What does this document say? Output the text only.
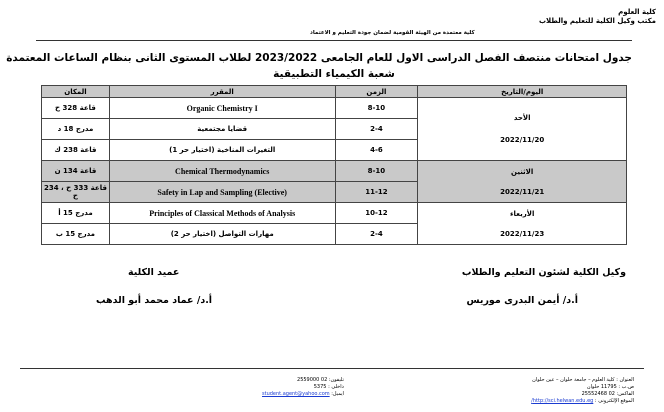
كلية العلوم
مكتب وكيل الكلية للتعليم والطلاب
كلية معتمدة من الهيئة القومية لضمان جودة التعليم و الاعتماد
جدول امتحانات منتصف الفصل الدراسى الاول للعام الجامعى 2023/2022 لطلاب المستوى الثانى بنظام الساعات المعتمدة
شعبة الكيمياء التطبيقية
المكان	المقرر	الزمن	اليوم/التاريخ
قاعة 328 ح	Organic Chemistry I	8-10	الأحد
2022/11/20

مدرج 18 د	قضايا مجتمعية	2-4	
قاعة 238 ك	التغيرات المناخية (اختيار حر 1)	4-6	
قاعة 134 ن	Chemical Thermodynamics	8-10	الاثنين
2022/11/21

قاعة 333 ح ، 234 ح	Safety in Lap and Sampling (Elective)	11-12	
مدرج 15 أ	Principles of Classical Methods of Analysis	10-12	الأربعاء
2022/11/23

مدرج 15 ب	مهارات التواصل (اختيار حر 2)	2-4	
وكيل الكلية لشئون التعليم والطلاب
عميد الكلية
أ.د/ أيمن البدرى موريس
أ.د/ عماد محمد أبو الدهب
العنوان : كلية العلوم – جامعة حلوان – عين حلوان
ص.ب : 11795 حلوان
الفاكس: 02 25552468
الموقع الإلكترونى : http://sci.helwan.edu.eg/
تليفون: 02 2559000
داخلى : 5375
ايميل: student.agent@yahoo.com
